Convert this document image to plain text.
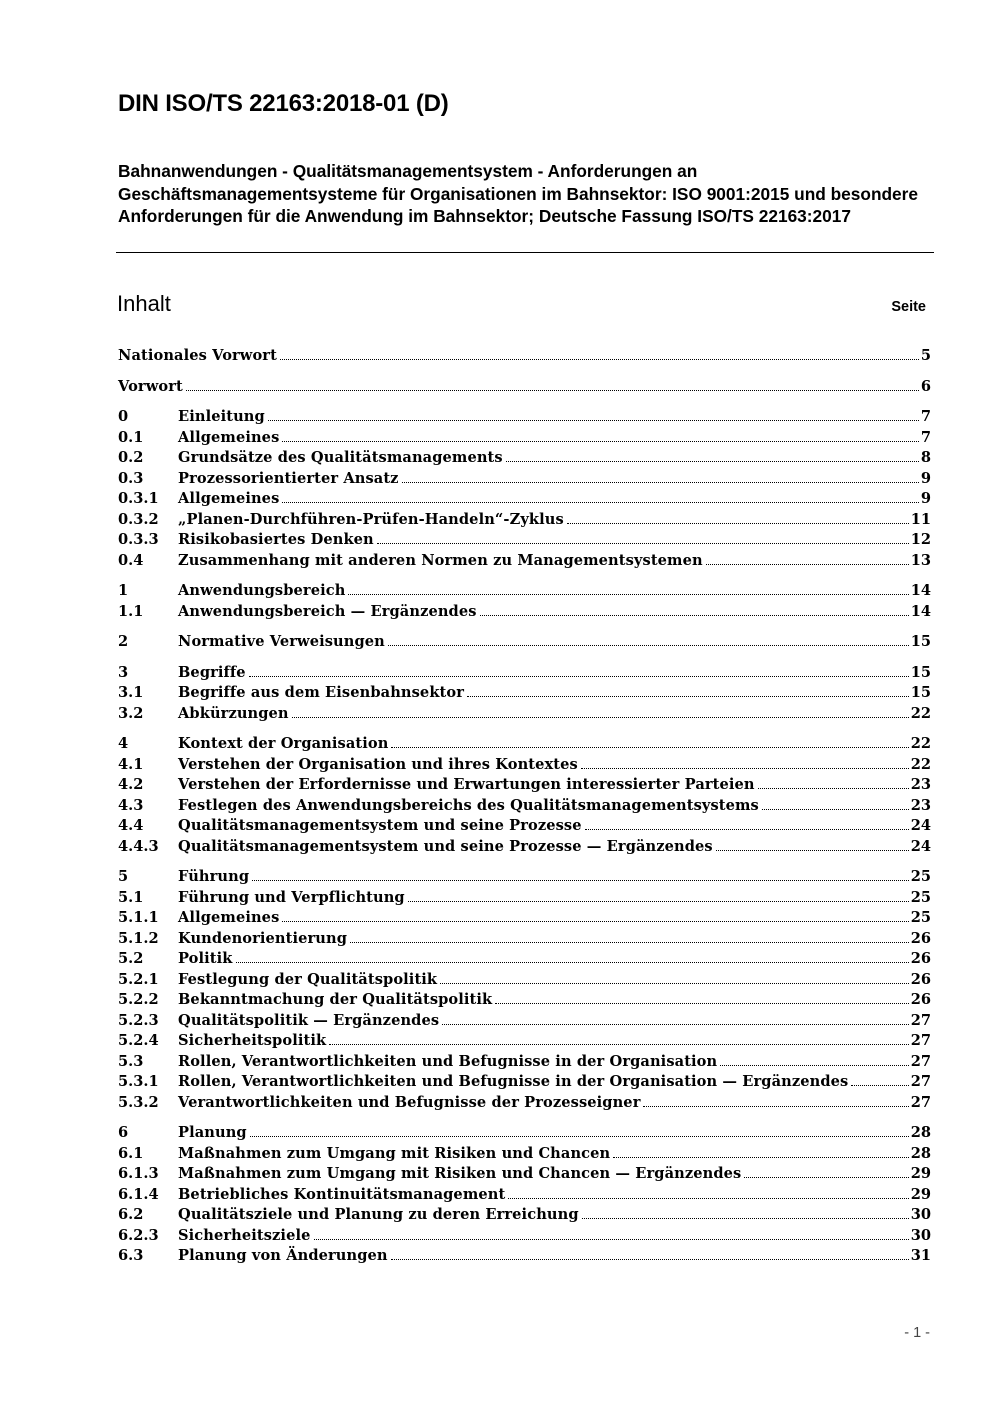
DIN ISO/TS 22163:2018-01 (D)
Bahnanwendungen - Qualitätsmanagementsystem - Anforderungen an Geschäftsmanagementsysteme für Organisationen im Bahnsektor: ISO 9001:2015 und besondere Anforderungen für die Anwendung im Bahnsektor; Deutsche Fassung ISO/TS 22163:2017
Inhalt	Seite
Nationales Vorwort	5
Vorwort	6
0	Einleitung	7
0.1	Allgemeines	7
0.2	Grundsätze des Qualitätsmanagements	8
0.3	Prozessorientierter Ansatz	9
0.3.1	Allgemeines	9
0.3.2	„Planen-Durchführen-Prüfen-Handeln“-Zyklus	11
0.3.3	Risikobasiertes Denken	12
0.4	Zusammenhang mit anderen Normen zu Managementsystemen	13
1	Anwendungsbereich	14
1.1	Anwendungsbereich — Ergänzendes	14
2	Normative Verweisungen	15
3	Begriffe	15
3.1	Begriffe aus dem Eisenbahnsektor	15
3.2	Abkürzungen	22
4	Kontext der Organisation	22
4.1	Verstehen der Organisation und ihres Kontextes	22
4.2	Verstehen der Erfordernisse und Erwartungen interessierter Parteien	23
4.3	Festlegen des Anwendungsbereichs des Qualitätsmanagementsystems	23
4.4	Qualitätsmanagementsystem und seine Prozesse	24
4.4.3	Qualitätsmanagementsystem und seine Prozesse — Ergänzendes	24
5	Führung	25
5.1	Führung und Verpflichtung	25
5.1.1	Allgemeines	25
5.1.2	Kundenorientierung	26
5.2	Politik	26
5.2.1	Festlegung der Qualitätspolitik	26
5.2.2	Bekanntmachung der Qualitätspolitik	26
5.2.3	Qualitätspolitik — Ergänzendes	27
5.2.4	Sicherheitspolitik	27
5.3	Rollen, Verantwortlichkeiten und Befugnisse in der Organisation	27
5.3.1	Rollen, Verantwortlichkeiten und Befugnisse in der Organisation — Ergänzendes	27
5.3.2	Verantwortlichkeiten und Befugnisse der Prozesseigner	27
6	Planung	28
6.1	Maßnahmen zum Umgang mit Risiken und Chancen	28
6.1.3	Maßnahmen zum Umgang mit Risiken und Chancen — Ergänzendes	29
6.1.4	Betriebliches Kontinuitätsmanagement	29
6.2	Qualitätsziele und Planung zu deren Erreichung	30
6.2.3	Sicherheitsziele	30
6.3	Planung von Änderungen	31
- 1 -
